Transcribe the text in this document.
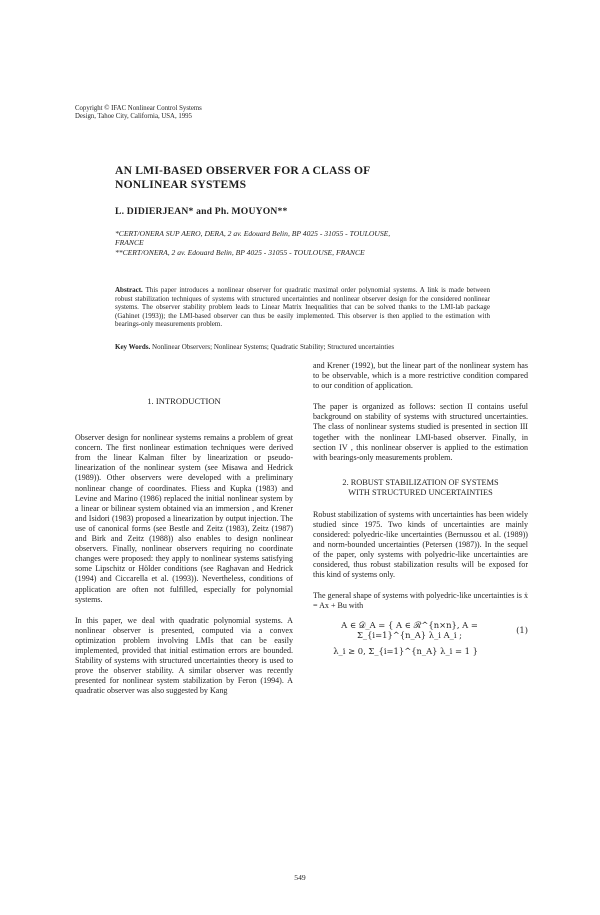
Copyright © IFAC Nonlinear Control Systems
Design, Tahoe City, California, USA, 1995
AN LMI-BASED OBSERVER FOR A CLASS OF
NONLINEAR SYSTEMS
L. DIDIERJEAN* and Ph. MOUYON**
*CERT/ONERA SUP AERO, DERA, 2 av. Edouard Belin, BP 4025 - 31055 - TOULOUSE,
FRANCE
**CERT/ONERA, 2 av. Edouard Belin, BP 4025 - 31055 - TOULOUSE, FRANCE
Abstract. This paper introduces a nonlinear observer for quadratic maximal order polynomial systems. A link is made between robust stabilization techniques of systems with structured uncertainties and nonlinear observer design for the considered nonlinear systems. The observer stability problem leads to Linear Matrix Inequalities that can be solved thanks to the LMI-lab package (Gahinet (1993)); the LMI-based observer can thus be easily implemented. This observer is then applied to the estimation with bearings-only measurements problem.
Key Words. Nonlinear Observers; Nonlinear Systems; Quadratic Stability; Structured uncertainties

1. INTRODUCTION

Observer design for nonlinear systems remains a problem of great concern. The first nonlinear estimation techniques were derived from the linear Kalman filter by linearization or pseudo-linearization of the nonlinear system (see Misawa and Hedrick (1989)). Other observers were developed with a preliminary nonlinear change of coordinates. Fliess and Kupka (1983) and Levine and Marino (1986) replaced the initial nonlinear system by a linear or bilinear system obtained via an immersion , and Krener and Isidori (1983) proposed a linearization by output injection. The use of canonical forms (see Bestle and Zeitz (1983), Zeitz (1987) and Birk and Zeitz (1988)) also enables to design nonlinear observers. Finally, nonlinear observers requiring no coordinate changes were proposed: they apply to nonlinear systems satisfying some Lipschitz or Hölder conditions (see Raghavan and Hedrick (1994) and Ciccarella et al. (1993)). Nevertheless, conditions of application are often not fulfilled, especially for polynomial systems.

In this paper, we deal with quadratic polynomial systems. A nonlinear observer is presented, computed via a convex optimization problem involving LMIs that can be easily implemented, provided that initial estimation errors are bounded. Stability of systems with structured uncertainties theory is used to prove the observer stability. A similar observer was recently presented for nonlinear system stabilization by Feron (1994). A quadratic observer was also suggested by Kang

and Krener (1992), but the linear part of the nonlinear system has to be observable, which is a more restrictive condition compared to our condition of application.

The paper is organized as follows: section II contains useful background on stability of systems with structured uncertainties. The class of nonlinear systems studied is presented in section III together with the nonlinear LMI-based observer. Finally, in section IV , this nonlinear observer is applied to the estimation with bearings-only measurements problem.

2. ROBUST STABILIZATION OF SYSTEMS
WITH STRUCTURED UNCERTAINTIES

Robust stabilization of systems with uncertainties has been widely studied since 1975. Two kinds of uncertainties are mainly considered: polyedric-like uncertainties (Bernussou et al. (1989)) and norm-bounded uncertainties (Petersen (1987)). In the sequel of the paper, only systems with polyedric-like uncertainties are considered, thus robust stabilization results will be exposed for this kind of systems only.

The general shape of systems with polyedric-like uncertainties is ẋ = Ax + Bu with

A ∈ 𝒟_A = { A ∈ ℛ^{n×n}, A = Σ_{i=1}^{n_A} λ_i A_i ;
(1)
λ_i ≥ 0, Σ_{i=1}^{n_A} λ_i = 1 }
549
